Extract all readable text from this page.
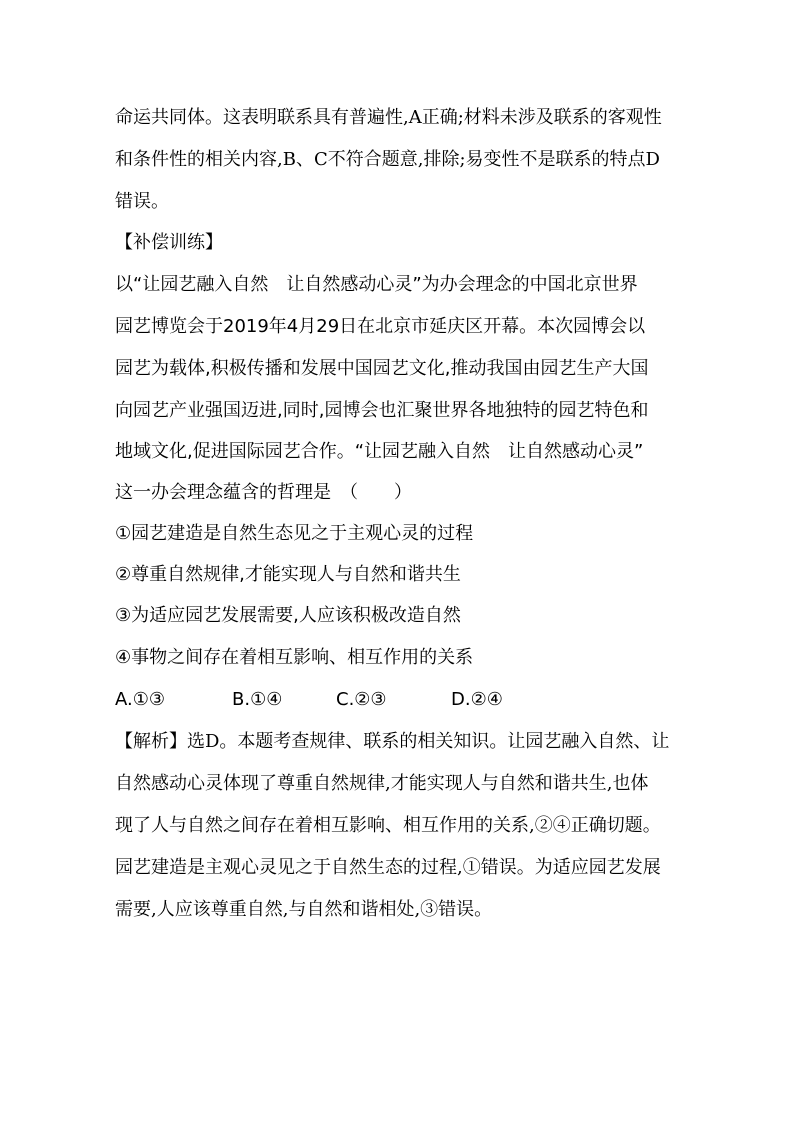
命运共同体。这表明联系具有普遍性,A正确;材料未涉及联系的客观性
和条件性的相关内容,B、C不符合题意,排除;易变性不是联系的特点D
错误。
【补偿训练】
以“让园艺融入自然　让自然感动心灵”为办会理念的中国北京世界
园艺博览会于2019年4月29日在北京市延庆区开幕。本次园博会以
园艺为载体,积极传播和发展中国园艺文化,推动我国由园艺生产大国
向园艺产业强国迈进,同时,园博会也汇聚世界各地独特的园艺特色和
地域文化,促进国际园艺合作。“让园艺融入自然　让自然感动心灵”
这一办会理念蕴含的哲理是　（　　）
①园艺建造是自然生态见之于主观心灵的过程
②尊重自然规律,才能实现人与自然和谐共生
③为适应园艺发展需要,人应该积极改造自然
④事物之间存在着相互影响、相互作用的关系
A.①③	B.①④	C.②③	D.②④
【解析】选D。本题考查规律、联系的相关知识。让园艺融入自然、让
自然感动心灵体现了尊重自然规律,才能实现人与自然和谐共生,也体
现了人与自然之间存在着相互影响、相互作用的关系,②④正确切题。
园艺建造是主观心灵见之于自然生态的过程,①错误。为适应园艺发展
需要,人应该尊重自然,与自然和谐相处,③错误。
